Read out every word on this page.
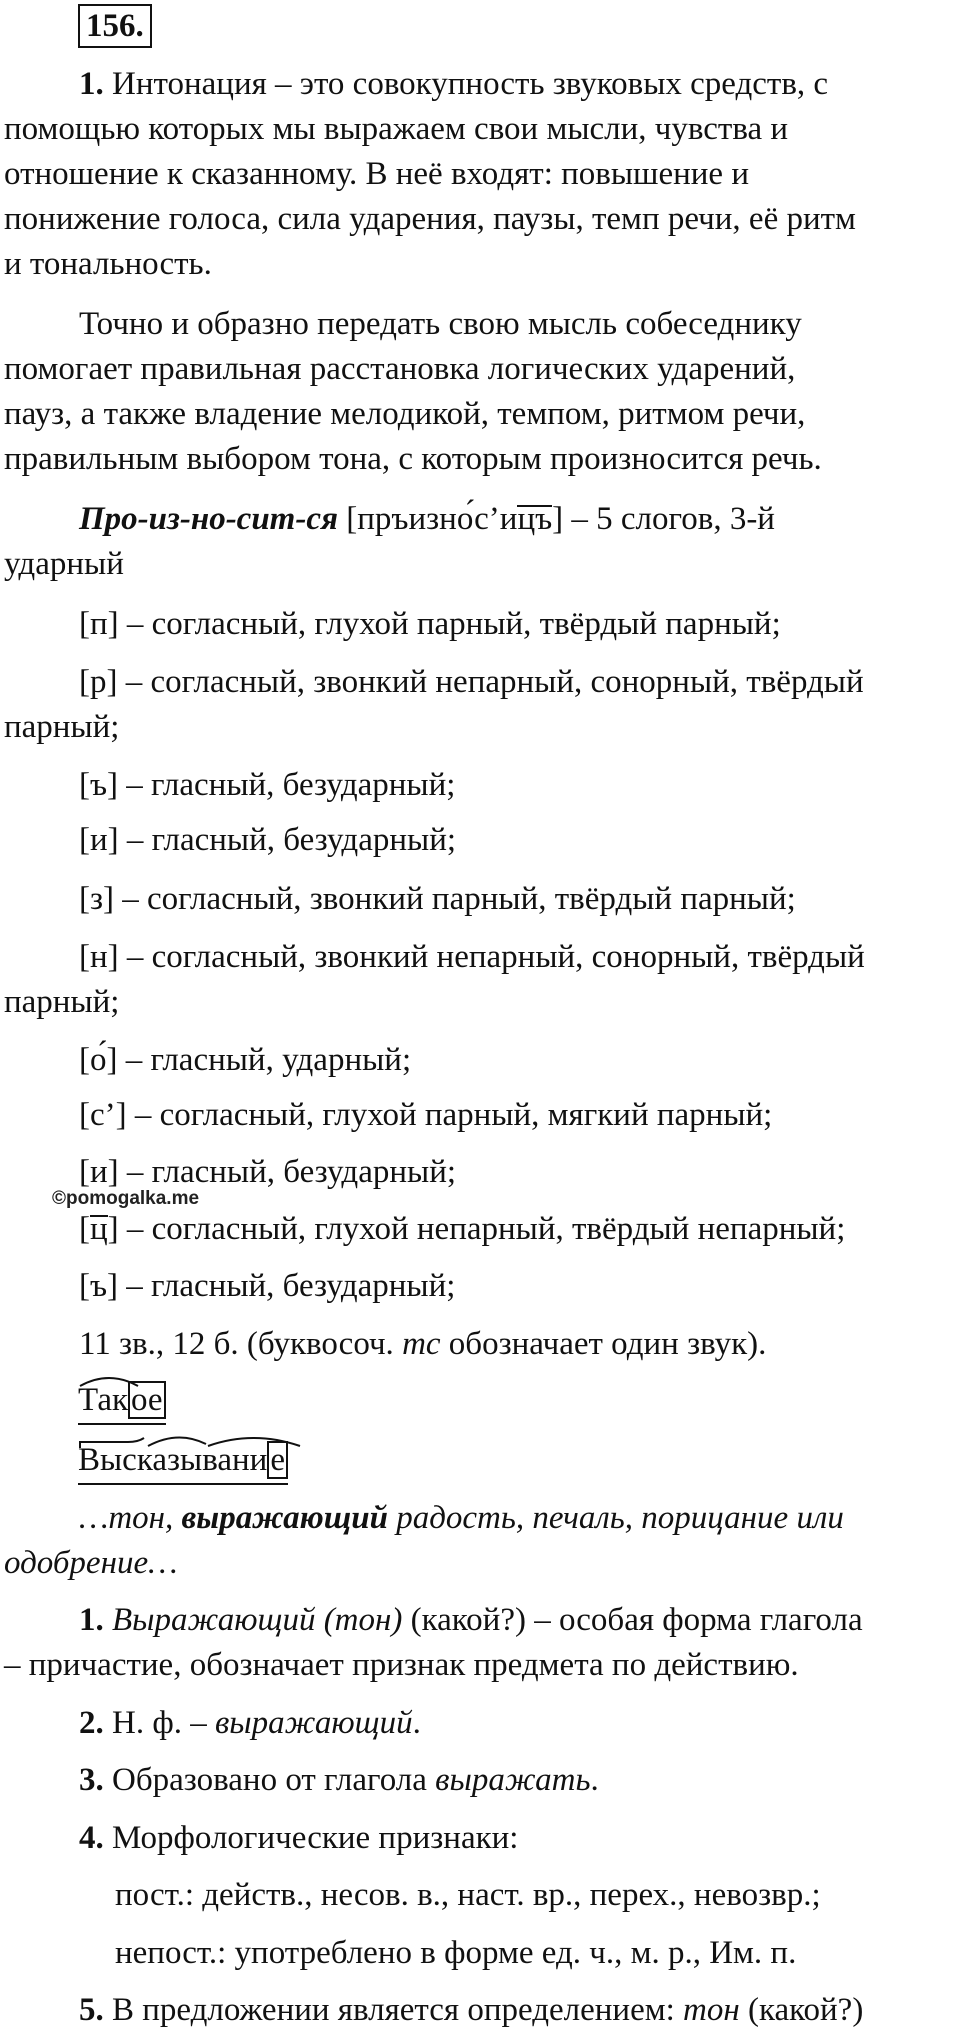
156.
1. Интонация – это совокупность звуковых средств, с
помощью которых мы выражаем свои мысли, чувства и
отношение к сказанному. В неё входят: повышение и
понижение голоса, сила ударения, паузы, темп речи, её ритм
и тональность.
Точно и образно передать свою мысль собеседнику
помогает правильная расстановка логических ударений,
пауз, а также владение мелодикой, темпом, ритмом речи,
правильным выбором тона, с которым произносится речь.
Про-из-но-сит-ся [пръизно́с’ицъ] – 5 слогов, 3-й
ударный
[п] – согласный, глухой парный, твёрдый парный;
[р] – согласный, звонкий непарный, сонорный, твёрдый
парный;
[ъ] – гласный, безударный;
[и] – гласный, безударный;
[з] – согласный, звонкий парный, твёрдый парный;
[н] – согласный, звонкий непарный, сонорный, твёрдый
парный;
[о́] – гласный, ударный;
[с’] – согласный, глухой парный, мягкий парный;
[и] – гласный, безударный;
©pomogalka.me
[ц] – согласный, глухой непарный, твёрдый непарный;
[ъ] – гласный, безударный;
11 зв., 12 б. (буквосоч. тс обозначает один звук).
Такое
Высказывание
…тон, выражающий радость, печаль, порицание или
одобрение…
1. Выражающий (тон) (какой?) – особая форма глагола
– причастие, обозначает признак предмета по действию.
2. Н. ф. – выражающий.
3. Образовано от глагола выражать.
4. Морфологические признаки:
пост.: действ., несов. в., наст. вр., перех., невозвр.;
непост.: употреблено в форме ед. ч., м. р., Им. п.
5. В предложении является определением: тон (какой?)
